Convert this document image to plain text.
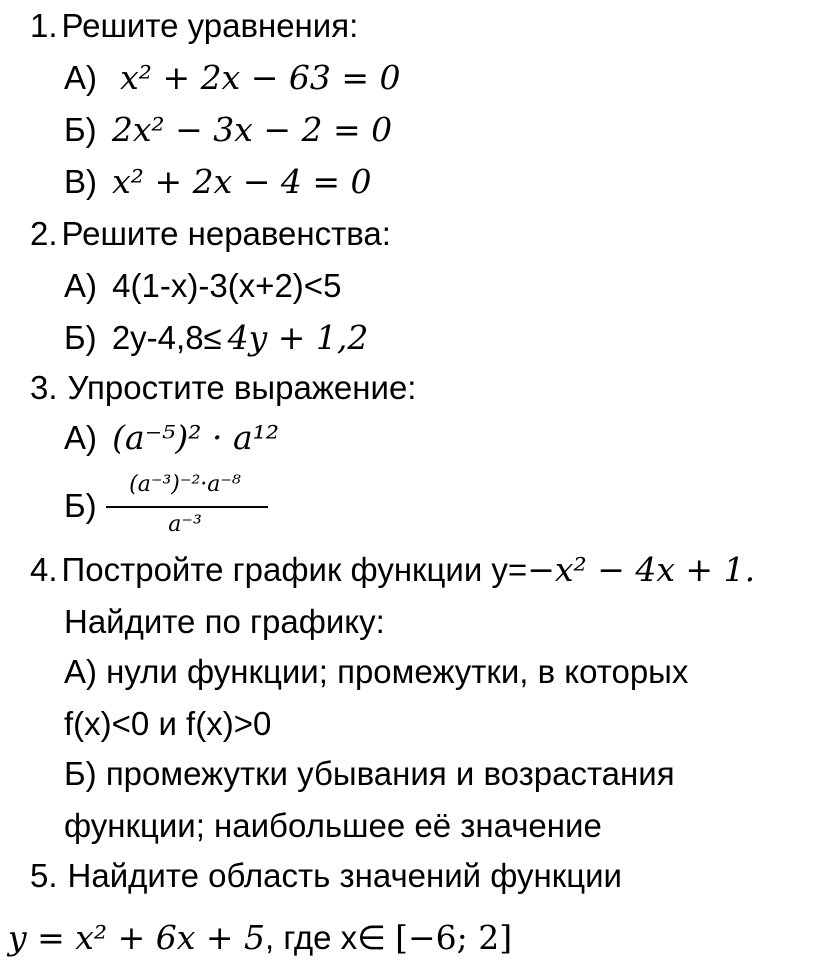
1. Решите уравнения:
А) x² + 2x − 63 = 0
Б) 2x² − 3x − 2 = 0
В) x² + 2x − 4 = 0
2. Решите неравенства:
А) 4(1-x)-3(x+2)<5
Б) 2y-4,8≤ 4y + 1,2
3. Упростите выражение:
А) (a⁻⁵)² · a¹²
Б)
(a⁻³)⁻²·a⁻⁸
a⁻³
4. Постройте график функции y=−x² − 4x + 1.
Найдите по графику:
А) нули функции; промежутки, в которых
f(x)<0 и f(x)>0
Б) промежутки убывания и возрастания
функции; наибольшее её значение
5. Найдите область значений функции
y = x² + 6x + 5, где x∈ [−6; 2]
